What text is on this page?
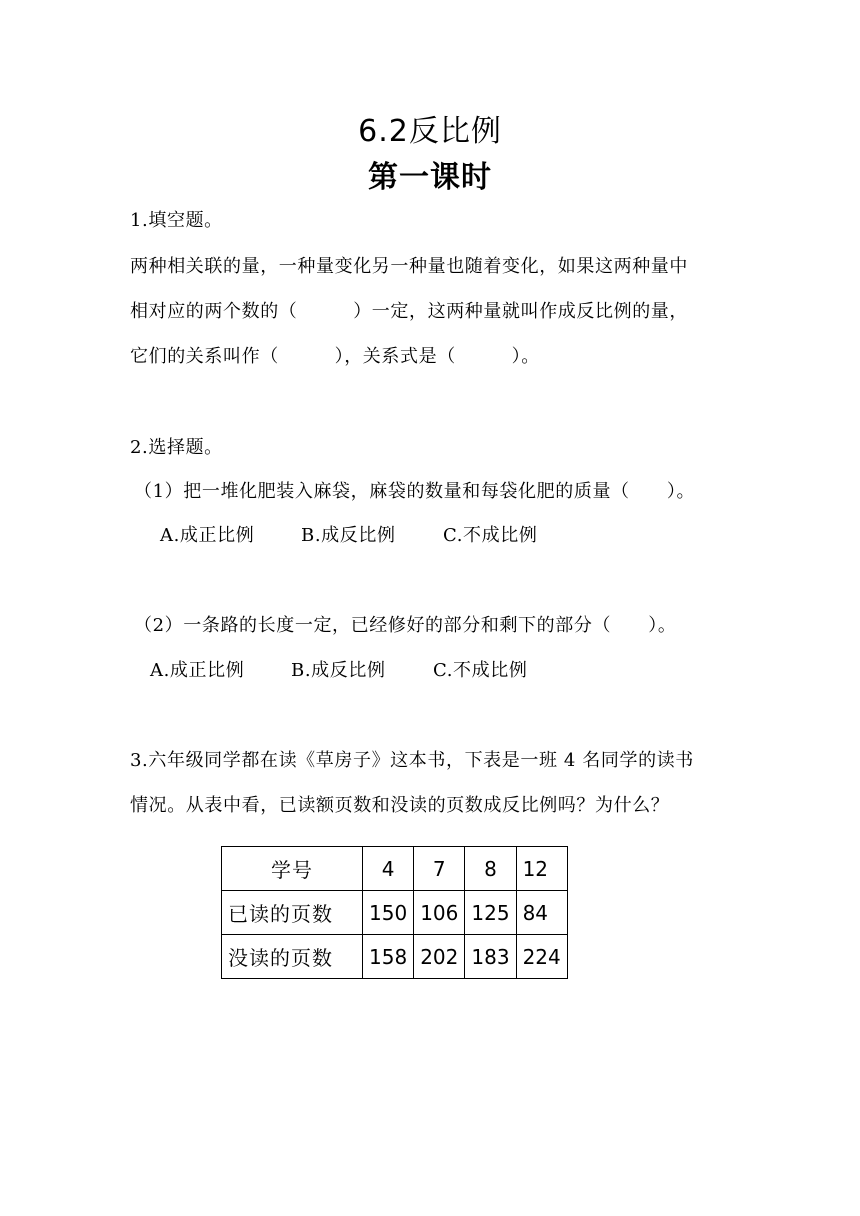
6.2反比例
第一课时
1.填空题。
两种相关联的量，一种量变化另一种量也随着变化，如果这两种量中
相对应的两个数的（　　　）一定，这两种量就叫作成反比例的量，
它们的关系叫作（　　　），关系式是（　　　）。
2.选择题。
（1）把一堆化肥装入麻袋，麻袋的数量和每袋化肥的质量（　　）。
A.成正比例	B.成反比例	C.不成比例
（2）一条路的长度一定，已经修好的部分和剩下的部分（　　）。
A.成正比例	B.成反比例	C.不成比例
3.六年级同学都在读《草房子》这本书，下表是一班 4 名同学的读书
情况。从表中看，已读额页数和没读的页数成反比例吗？为什么？
学号	4	7	8	12
已读的页数	150	106	125	84
没读的页数	158	202	183	224
